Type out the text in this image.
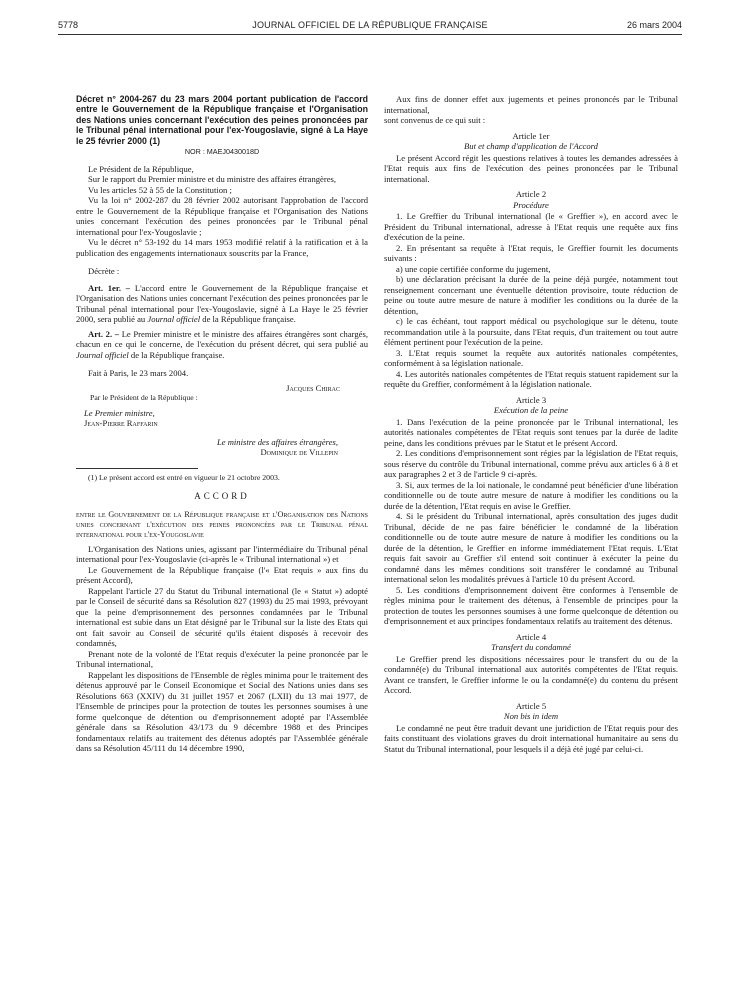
5778	JOURNAL OFFICIEL DE LA RÉPUBLIQUE FRANÇAISE	26 mars 2004

Décret n° 2004-267 du 23 mars 2004 portant publication de l'accord entre le Gouvernement de la République française et l'Organisation des Nations unies concernant l'exécution des peines prononcées par le Tribunal pénal international pour l'ex-Yougoslavie, signé à La Haye le 25 février 2000 (1)

NOR : MAEJ0430018D

Le Président de la République,

Sur le rapport du Premier ministre et du ministre des affaires étrangères,

Vu les articles 52 à 55 de la Constitution ;

Vu la loi n° 2002-287 du 28 février 2002 autorisant l'approbation de l'accord entre le Gouvernement de la République française et l'Organisation des Nations unies concernant l'exécution des peines prononcées par le Tribunal pénal international pour l'ex-Yougoslavie ;

Vu le décret n° 53-192 du 14 mars 1953 modifié relatif à la ratification et à la publication des engagements internationaux souscrits par la France,

Décrète :

Art. 1er. – L'accord entre le Gouvernement de la République française et l'Organisation des Nations unies concernant l'exécution des peines prononcées par le Tribunal pénal international pour l'ex-Yougoslavie, signé à La Haye le 25 février 2000, sera publié au Journal officiel de la République française.

Art. 2. – Le Premier ministre et le ministre des affaires étrangères sont chargés, chacun en ce qui le concerne, de l'exécution du présent décret, qui sera publié au Journal officiel de la République française.

Fait à Paris, le 23 mars 2004.

Jacques Chirac

Par le Président de la République :

Le Premier ministre,

Jean-Pierre Raffarin

Le ministre des affaires étrangères,

Dominique de Villepin

(1) Le présent accord est entré en vigueur le 21 octobre 2003.

ACCORD

entre le Gouvernement de la République française et l'Organisation des Nations unies concernant l'exécution des peines prononcées par le Tribunal pénal international pour l'ex-Yougoslavie

L'Organisation des Nations unies, agissant par l'intermédiaire du Tribunal pénal international pour l'ex-Yougoslavie (ci-après le « Tribunal international ») et

Le Gouvernement de la République française (l'« Etat requis » aux fins du présent Accord),

Rappelant l'article 27 du Statut du Tribunal international (le « Statut ») adopté par le Conseil de sécurité dans sa Résolution 827 (1993) du 25 mai 1993, prévoyant que la peine d'emprisonnement des personnes condamnées par le Tribunal international est subie dans un Etat désigné par le Tribunal sur la liste des Etats qui ont fait savoir au Conseil de sécurité qu'ils étaient disposés à recevoir des condamnés,

Prenant note de la volonté de l'Etat requis d'exécuter la peine prononcée par le Tribunal international,

Rappelant les dispositions de l'Ensemble de règles minima pour le traitement des détenus approuvé par le Conseil Economique et Social des Nations unies dans ses Résolutions 663 (XXIV) du 31 juillet 1957 et 2067 (LXII) du 13 mai 1977, de l'Ensemble de principes pour la protection de toutes les personnes soumises à une forme quelconque de détention ou d'emprisonnement adopté par l'Assemblée générale dans sa Résolution 43/173 du 9 décembre 1988 et des Principes fondamentaux relatifs au traitement des détenus adoptés par l'Assemblée générale dans sa Résolution 45/111 du 14 décembre 1990,

Aux fins de donner effet aux jugements et peines prononcés par le Tribunal international,

sont convenus de ce qui suit :

Article 1er

But et champ d'application de l'Accord

Le présent Accord régit les questions relatives à toutes les demandes adressées à l'Etat requis aux fins de l'exécution des peines prononcées par le Tribunal international.

Article 2

Procédure

1. Le Greffier du Tribunal international (le « Greffier »), en accord avec le Président du Tribunal international, adresse à l'Etat requis une requête aux fins d'exécution de la peine.

2. En présentant sa requête à l'Etat requis, le Greffier fournit les documents suivants :

a) une copie certifiée conforme du jugement,

b) une déclaration précisant la durée de la peine déjà purgée, notamment tout renseignement concernant une éventuelle détention provisoire, toute réduction de peine ou toute autre mesure de nature à modifier les conditions ou la durée de la détention,

c) le cas échéant, tout rapport médical ou psychologique sur le détenu, toute recommandation utile à la poursuite, dans l'Etat requis, d'un traitement ou tout autre élément pertinent pour l'exécution de la peine.

3. L'Etat requis soumet la requête aux autorités nationales compétentes, conformément à sa législation nationale.

4. Les autorités nationales compétentes de l'Etat requis statuent rapidement sur la requête du Greffier, conformément à la législation nationale.

Article 3

Exécution de la peine

1. Dans l'exécution de la peine prononcée par le Tribunal international, les autorités nationales compétentes de l'Etat requis sont tenues par la durée de ladite peine, dans les conditions prévues par le Statut et le présent Accord.

2. Les conditions d'emprisonnement sont régies par la législation de l'Etat requis, sous réserve du contrôle du Tribunal international, comme prévu aux articles 6 à 8 et aux paragraphes 2 et 3 de l'article 9 ci-après.

3. Si, aux termes de la loi nationale, le condamné peut bénéficier d'une libération conditionnelle ou de toute autre mesure de nature à modifier les conditions ou la durée de la détention, l'Etat requis en avise le Greffier.

4. Si le président du Tribunal international, après consultation des juges dudit Tribunal, décide de ne pas faire bénéficier le condamné de la libération conditionnelle ou de toute autre mesure de nature à modifier les conditions ou la durée de la détention, le Greffier en informe immédiatement l'Etat requis. L'Etat requis fait savoir au Greffier s'il entend soit continuer à exécuter la peine du condamné dans les mêmes conditions soit transférer le condamné au Tribunal international selon les modalités prévues à l'article 10 du présent Accord.

5. Les conditions d'emprisonnement doivent être conformes à l'ensemble de règles minima pour le traitement des détenus, à l'ensemble de principes pour la protection de toutes les personnes soumises à une forme quelconque de détention ou d'emprisonnement et aux principes fondamentaux relatifs au traitement des détenus.

Article 4

Transfert du condamné

Le Greffier prend les dispositions nécessaires pour le transfert du ou de la condamné(e) du Tribunal international aux autorités compétentes de l'Etat requis. Avant ce transfert, le Greffier informe le ou la condamné(e) du contenu du présent Accord.

Article 5

Non bis in idem

Le condamné ne peut être traduit devant une juridiction de l'Etat requis pour des faits constituant des violations graves du droit international humanitaire au sens du Statut du Tribunal international, pour lesquels il a déjà été jugé par celui-ci.
